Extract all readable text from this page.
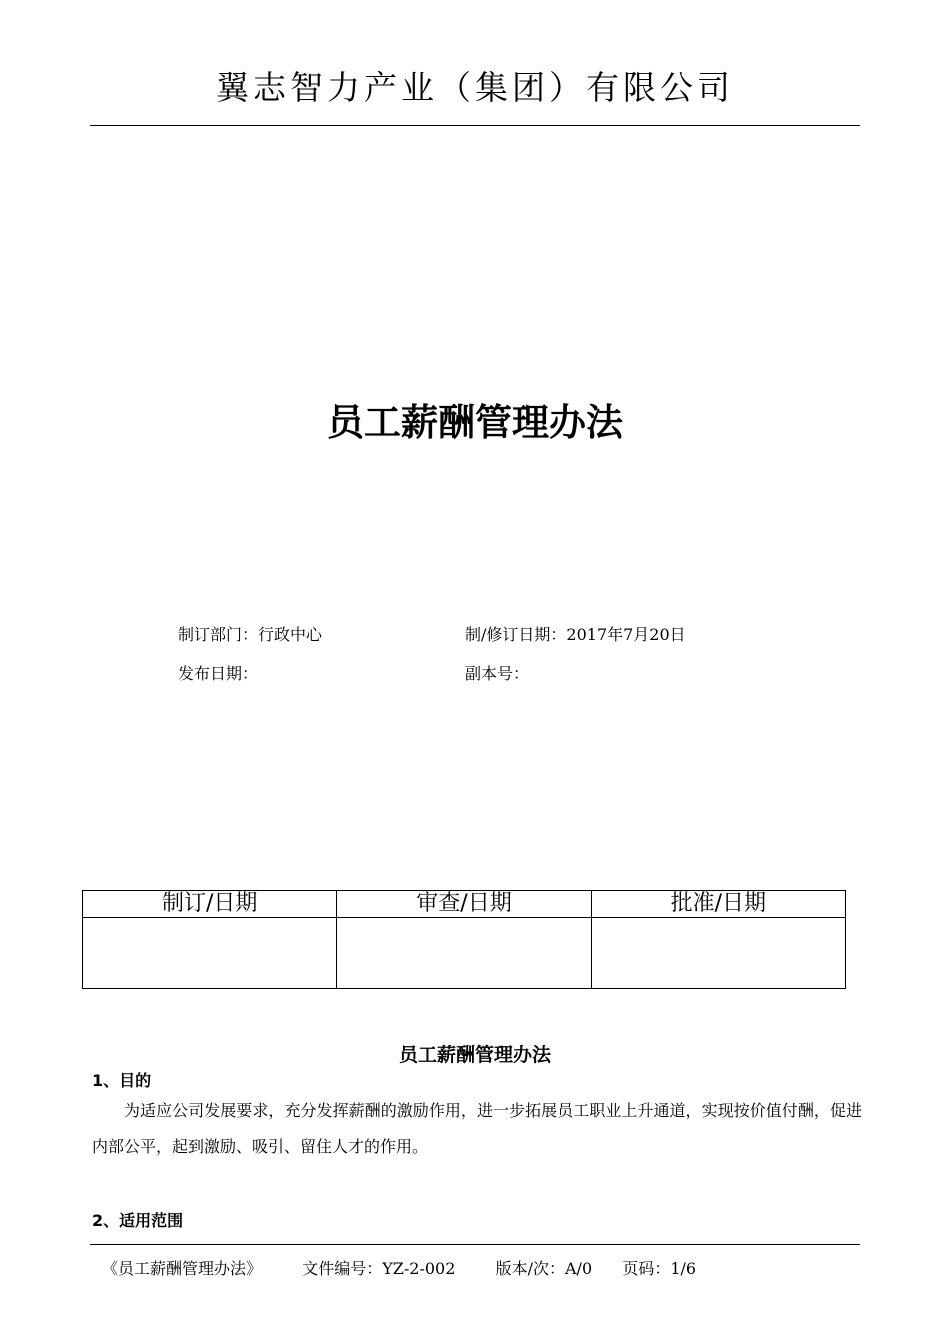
翼志智力产业（集团）有限公司
员工薪酬管理办法
制订部门：行政中心	制/修订日期：2017年7月20日
发布日期：	副本号：
制订/日期	审查/日期	批准/日期

员工薪酬管理办法
1、目的
为适应公司发展要求，充分发挥薪酬的激励作用，进一步拓展员工职业上升通道，实现按价值付酬，促进内部公平，起到激励、吸引、留住人才的作用。
2、适用范围
《员工薪酬管理办法》	文件编号：YZ-2-002	版本/次：A/0 页码：1/6
